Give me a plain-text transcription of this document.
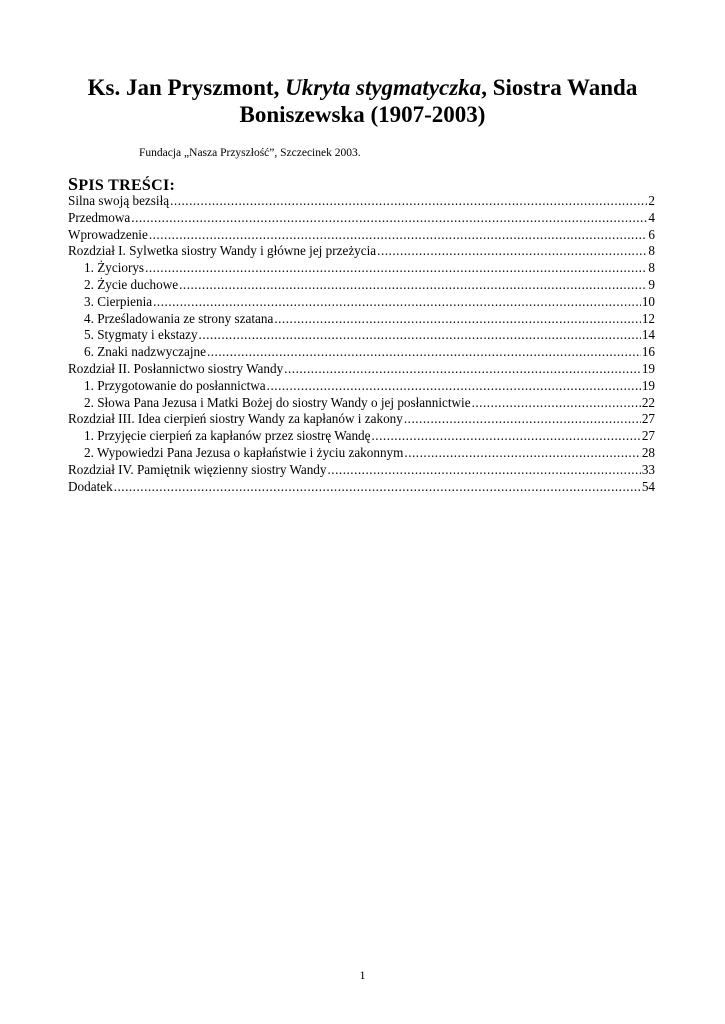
Ks. Jan Pryszmont, Ukryta stygmatyczka, Siostra Wanda Boniszewska (1907-2003)
Fundacja „Nasza Przyszłość”, Szczecinek 2003.
SPIS TREŚCI:
Silna swoją bezsiłą .....	2
Przedmowa .....	4
Wprowadzenie .....	6
Rozdział I. Sylwetka siostry Wandy i główne jej przeżycia .....	8
1. Życiorys .....	8
2. Życie duchowe .....	9
3. Cierpienia .....	10
4. Prześladowania ze strony szatana .....	12
5. Stygmaty i ekstazy .....	14
6. Znaki nadzwyczajne .....	16
Rozdział II. Posłannictwo siostry Wandy .....	19
1. Przygotowanie do posłannictwa .....	19
2. Słowa Pana Jezusa i Matki Bożej do siostry Wandy o jej posłannictwie .....	22
Rozdział III. Idea cierpień siostry Wandy za kapłanów i zakony .....	27
1. Przyjęcie cierpień za kapłanów przez siostrę Wandę .....	27
2. Wypowiedzi Pana Jezusa o kapłaństwie i życiu zakonnym .....	28
Rozdział IV. Pamiętnik więzienny siostry Wandy .....	33
Dodatek .....	54
1
